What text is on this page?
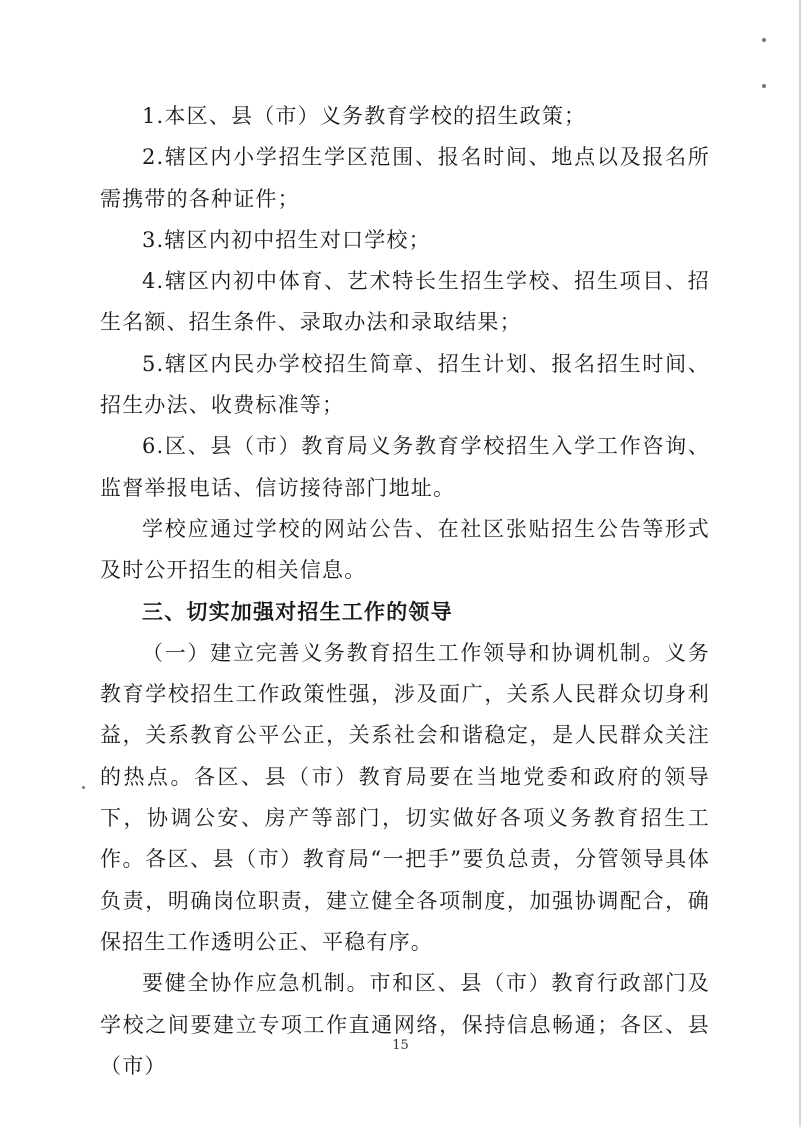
1.本区、县（市）义务教育学校的招生政策；

2.辖区内小学招生学区范围、报名时间、地点以及报名所需携带的各种证件；

3.辖区内初中招生对口学校；

4.辖区内初中体育、艺术特长生招生学校、招生项目、招生名额、招生条件、录取办法和录取结果；

5.辖区内民办学校招生简章、招生计划、报名招生时间、招生办法、收费标准等；

6.区、县（市）教育局义务教育学校招生入学工作咨询、监督举报电话、信访接待部门地址。

学校应通过学校的网站公告、在社区张贴招生公告等形式及时公开招生的相关信息。

三、切实加强对招生工作的领导

（一）建立完善义务教育招生工作领导和协调机制。义务教育学校招生工作政策性强，涉及面广，关系人民群众切身利益，关系教育公平公正，关系社会和谐稳定，是人民群众关注的热点。各区、县（市）教育局要在当地党委和政府的领导下，协调公安、房产等部门，切实做好各项义务教育招生工作。各区、县（市）教育局“一把手”要负总责，分管领导具体负责，明确岗位职责，建立健全各项制度，加强协调配合，确保招生工作透明公正、平稳有序。

要健全协作应急机制。市和区、县（市）教育行政部门及学校之间要建立专项工作直通网络，保持信息畅通；各区、县（市）

15
